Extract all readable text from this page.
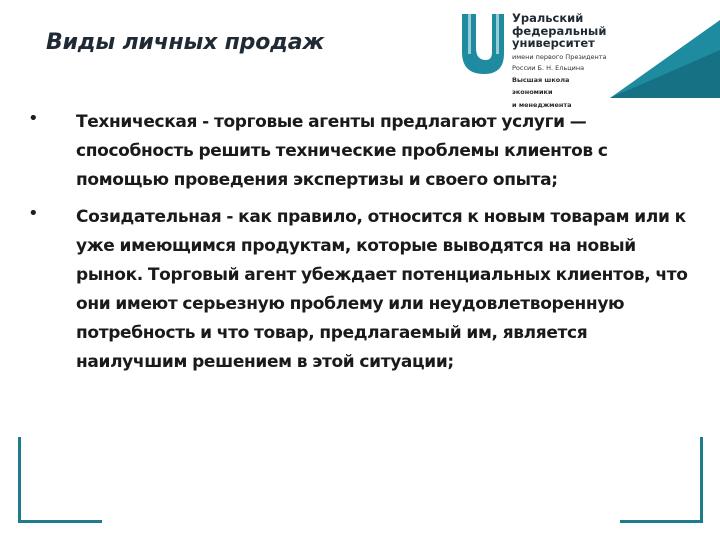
Виды личных продаж
Уральский
федеральный
университет
имени первого Президента
России Б. Н. Ельцина
Высшая школа
экономики
и менеджмента
• Техническая - торговые агенты предлагают услуги — способность решить технические проблемы клиентов с помощью проведения экспертизы и своего опыта;
• Созидательная - как правило, относится к новым товарам или к уже имеющимся продуктам, которые выводятся на новый рынок. Торговый агент убеждает потенциальных клиентов, что они имеют серьезную проблему или неудовлетворенную потребность и что товар, предлагаемый им, является наилучшим решением в этой ситуации;
